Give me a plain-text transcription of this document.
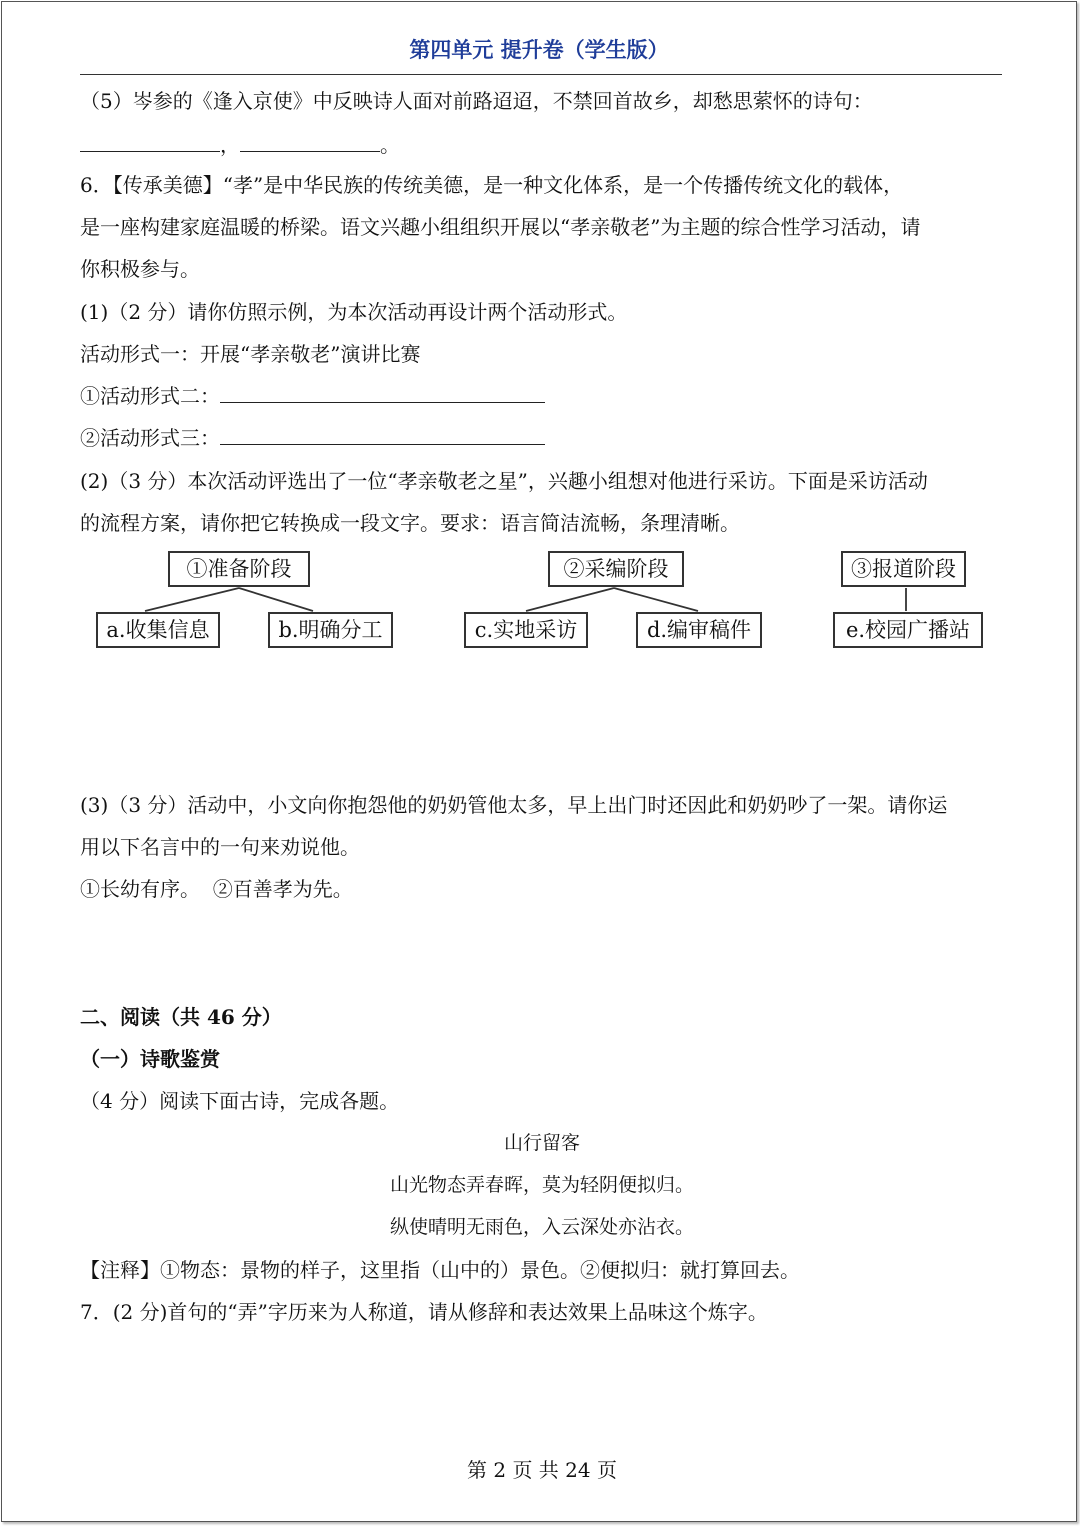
第四单元 提升卷（学生版）
（5）岑参的《逢入京使》中反映诗人面对前路迢迢，不禁回首故乡，却愁思萦怀的诗句：
，	。
6．【传承美德】“孝”是中华民族的传统美德，是一种文化体系，是一个传播传统文化的载体，
是一座构建家庭温暖的桥梁。语文兴趣小组组织开展以“孝亲敬老”为主题的综合性学习活动，请
你积极参与。
(1)（2 分）请你仿照示例，为本次活动再设计两个活动形式。
活动形式一：开展“孝亲敬老”演讲比赛
①活动形式二：
②活动形式三：
(2)（3 分）本次活动评选出了一位“孝亲敬老之星”，兴趣小组想对他进行采访。下面是采访活动
的流程方案，请你把它转换成一段文字。要求：语言简洁流畅，条理清晰。
①准备阶段
a.收集信息	b.明确分工
②采编阶段
c.实地采访	d.编审稿件
③报道阶段
e.校园广播站
(3)（3 分）活动中，小文向你抱怨他的奶奶管他太多，早上出门时还因此和奶奶吵了一架。请你运
用以下名言中的一句来劝说他。
①长幼有序。  ②百善孝为先。
二、阅读（共 46 分）
（一）诗歌鉴赏
（4 分）阅读下面古诗，完成各题。
山行留客
山光物态弄春晖，莫为轻阴便拟归。
纵使晴明无雨色，入云深处亦沾衣。
【注释】①物态：景物的样子，这里指（山中的）景色。②便拟归：就打算回去。
7．(2 分)首句的“弄”字历来为人称道，请从修辞和表达效果上品味这个炼字。
第 2 页 共 24 页
